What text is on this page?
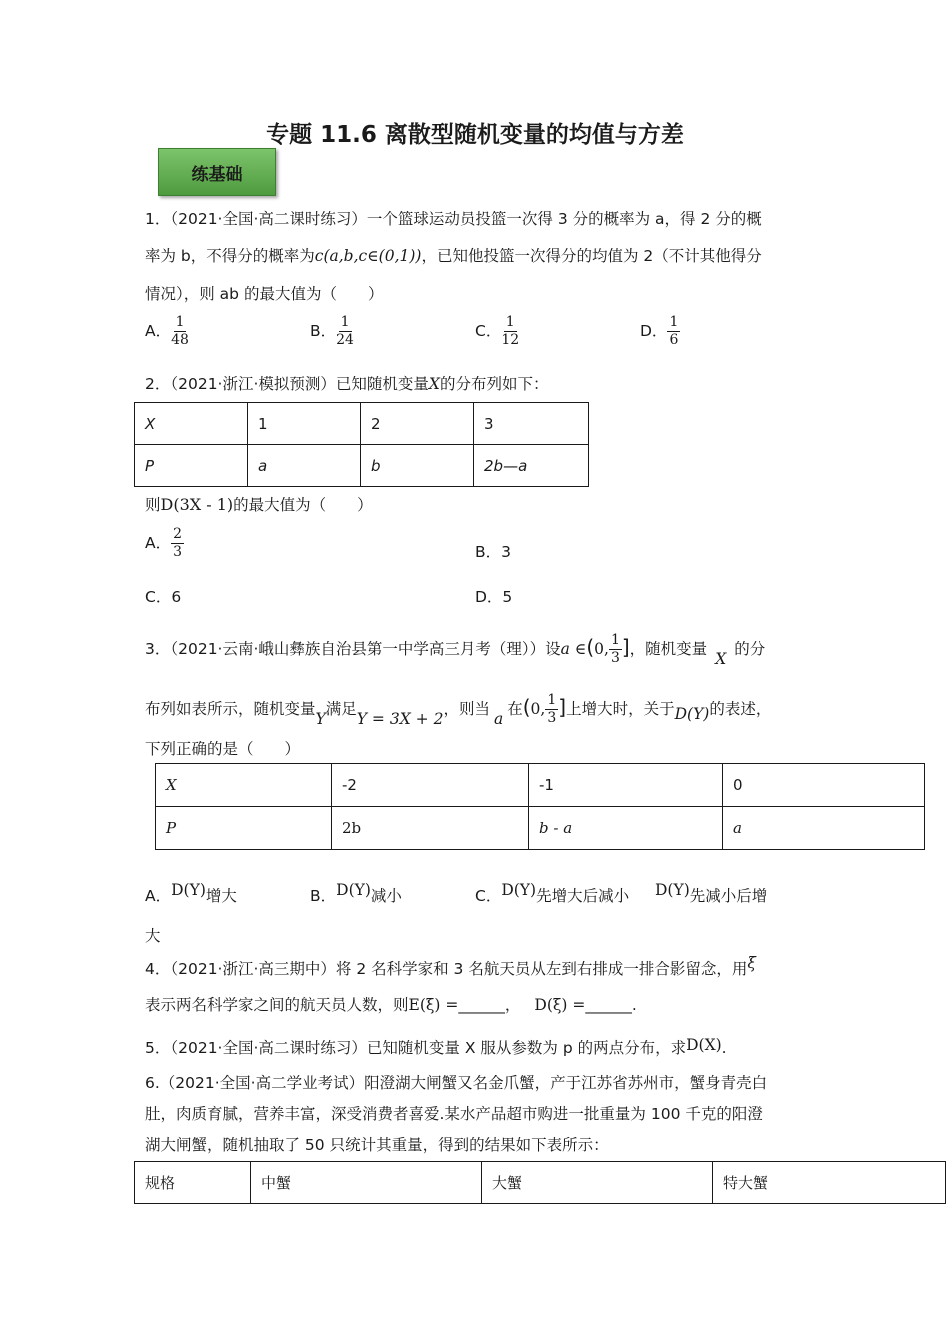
专题 11.6 离散型随机变量的均值与方差
练基础
1．（2021·全国·高二课时练习）一个篮球运动员投篮一次得 3 分的概率为 a，得 2 分的概
率为 b，不得分的概率为c(a,b,c∈(0,1))，已知他投篮一次得分的均值为 2（不计其他得分
情况），则 ab 的最大值为（　　）
A． $\frac{1}{48}$	B． $\frac{1}{24}$	C． $\frac{1}{12}$	D． $\frac{1}{6}$
2．（2021·浙江·模拟预测）已知随机变量X的分布列如下：
X	1	2	3
P	a	b	2b—a
则D(3X - 1)的最大值为（　　）
A． $\frac{2}{3}$	B．3
C．6	D．5
3．（2021·云南·峨山彝族自治县第一中学高三月考（理））设a ∈(0, $\frac{1}{3}$ ]，随机变量X的分
布列如表所示，随机变量Y满足Y = 3X + 2，则当a在(0, $\frac{1}{3}$ ]上增大时，关于D(Y)的表述，
下列正确的是（　　）
X	-2	-1	0
P	2b	b - a	a
A．D(Y)增大	B．D(Y)减小	C．D(Y)先增大后减小 D(Y)先减小后增
大
4．（2021·浙江·高三期中）将 2 名科学家和 3 名航天员从左到右排成一排合影留念，用ξ
表示两名科学家之间的航天员人数，则E(ξ) =______， D(ξ) =______.
5．（2021·全国·高二课时练习）已知随机变量 X 服从参数为 p 的两点分布，求D(X).
6.（2021·全国·高二学业考试）阳澄湖大闸蟹又名金爪蟹，产于江苏省苏州市，蟹身青壳白
肚，肉质育腻，营养丰富，深受消费者喜爱.某水产品超市购进一批重量为 100 千克的阳澄
湖大闸蟹，随机抽取了 50 只统计其重量，得到的结果如下表所示：
规格	中蟹	大蟹	特大蟹
